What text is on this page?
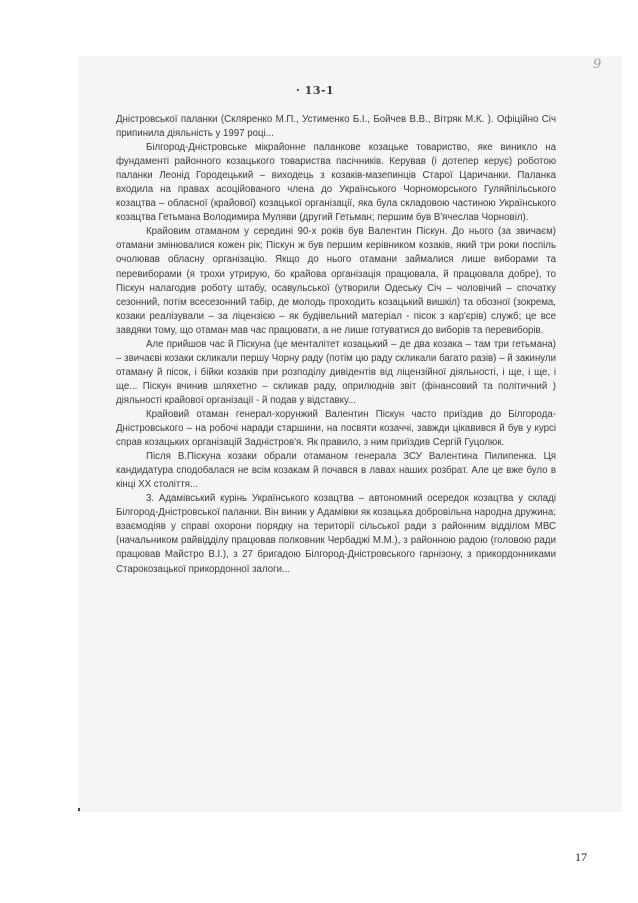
9
· 13-1

Дністровської паланки (Скляренко М.П., Устименко Б.І., Бойчев В.В., Вітряк М.К. ). Офіційно Січ припинила діяльність у 1997 році...

Білгород-Дністровське мікрайонне паланкове козацьке товариство, яке виникло на фундаменті районного козацького товариства пасічників. Керував (і дотепер керує) роботою паланки Леонід Городецький – виходець з козаків-мазепинців Старої Царичанки. Паланка входила на правах асоційованого члена до Українського Чорноморського Гуляйпільського козацтва – обласної (крайової) козацької організації, яка була складовою частиною Українського козацтва Гетьмана Володимира Муляви (другий Гетьман; першим був В'ячеслав Чорновіл).

Крайовим отаманом у середині 90-х років був Валентин Піскун. До нього (за звичаєм) отамани змінювалися кожен рік; Піскун ж був першим керівником козаків, який три роки поспіль очолював обласну організацію. Якщо до нього отамани займалися лише виборами та перевиборами (я трохи утрирую, бо крайова організація працювала, й працювала добре), то Піскун налагодив роботу штабу, осавульської (утворили Одеську Січ – чоловічий – спочатку сезонний, потім всесезонний табір, де молодь проходить козацький вишкіл) та обозної (зокрема, козаки реалізували – за ліцензією – як будівельний матеріал - пісок з кар'єрів) служб; це все завдяки тому, що отаман мав час працювати, а не лише готуватися до виборів та перевиборів.

Але прийшов час й Піскуна (це менталітет козацький – де два козака – там три гетьмана) – звичаєві козаки скликали першу Чорну раду (потім цю раду скликали багато разів) – й закинули отаману й пісок, і бійки козаків при розподілу дивідентів від ліцензійної діяльності, і ще, і ще, і ще... Піскун вчинив шляхетно – скликав раду, оприлюднів звіт (фінансовий та політичний ) діяльності крайової організації - й подав у відставку...

Крайовий отаман генерал-хорунжий Валентин Піскун часто приїздив до Білгорода-Дністровського – на робочі наради старшини, на посвяти козаччі, завжди цікавився й був у курсі справ козацьких організацій Задністров'я. Як правило, з ним приїздив Сергій Гуцолюк.

Після В.Піскуна козаки обрали отаманом генерала ЗСУ Валентина Пилипенка. Ця кандидатура сподобалася не всім козакам й почався в лавах наших розбрат. Але це вже було в кінці XX століття...

3. Адамівський курінь Українського козацтва – автономний осередок козацтва у складі Білгород-Дністровської паланки. Він виник у Адамівки як козацька добровільна народна дружина; взаємодіяв у справі охорони порядку на території сільської ради з районним відділом МВС (начальником райвідділу працював полковник Чербаджі М.М.), з районною радою (головою ради працював Майстро В.І.), з 27 бригадою Білгород-Дністровського гарнізону, з прикордонниками Старокозацької прикордонної залоги...

17
